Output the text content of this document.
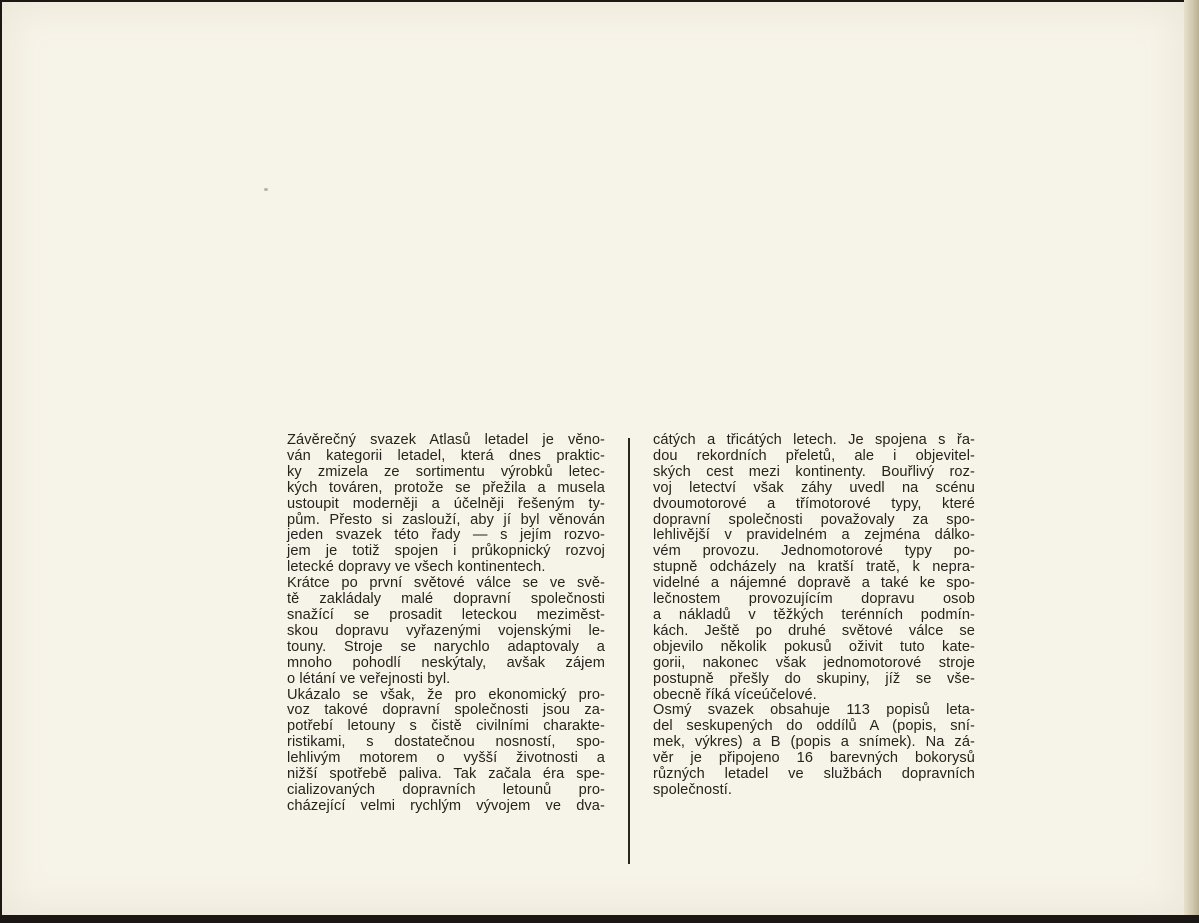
Závěrečný svazek Atlasů letadel je věno-
ván kategorii letadel, která dnes praktic-
ky zmizela ze sortimentu výrobků letec-
kých továren, protože se přežila a musela
ustoupit moderněji a účelněji řešeným ty-
pům. Přesto si zaslouží, aby jí byl věnován
jeden svazek této řady — s jejím rozvo-
jem je totiž spojen i průkopnický rozvoj
letecké dopravy ve všech kontinentech.
Krátce po první světové válce se ve svě-
tě zakládaly malé dopravní společnosti
snažící se prosadit leteckou meziměst-
skou dopravu vyřazenými vojenskými le-
touny. Stroje se narychlo adaptovaly a
mnoho pohodlí neskýtaly, avšak zájem
o létání ve veřejnosti byl.
Ukázalo se však, že pro ekonomický pro-
voz takové dopravní společnosti jsou za-
potřebí letouny s čistě civilními charakte-
ristikami, s dostatečnou nosností, spo-
lehlivým motorem o vyšší životnosti a
nižší spotřebě paliva. Tak začala éra spe-
cializovaných dopravních letounů pro-
cházející velmi rychlým vývojem ve dva-
cátých a třicátých letech. Je spojena s řa-
dou rekordních přeletů, ale i objevitel-
ských cest mezi kontinenty. Bouřlivý roz-
voj letectví však záhy uvedl na scénu
dvoumotorové a třímotorové typy, které
dopravní společnosti považovaly za spo-
lehlivější v pravidelném a zejména dálko-
vém provozu. Jednomotorové typy po-
stupně odcházely na kratší tratě, k nepra-
videlné a nájemné dopravě a také ke spo-
lečnostem provozujícím dopravu osob
a nákladů v těžkých terénních podmín-
kách. Ještě po druhé světové válce se
objevilo několik pokusů oživit tuto kate-
gorii, nakonec však jednomotorové stroje
postupně přešly do skupiny, jíž se vše-
obecně říká víceúčelové.
Osmý svazek obsahuje 113 popisů leta-
del seskupených do oddílů A (popis, sní-
mek, výkres) a B (popis a snímek). Na zá-
věr je připojeno 16 barevných bokorysů
různých letadel ve službách dopravních
společností.
